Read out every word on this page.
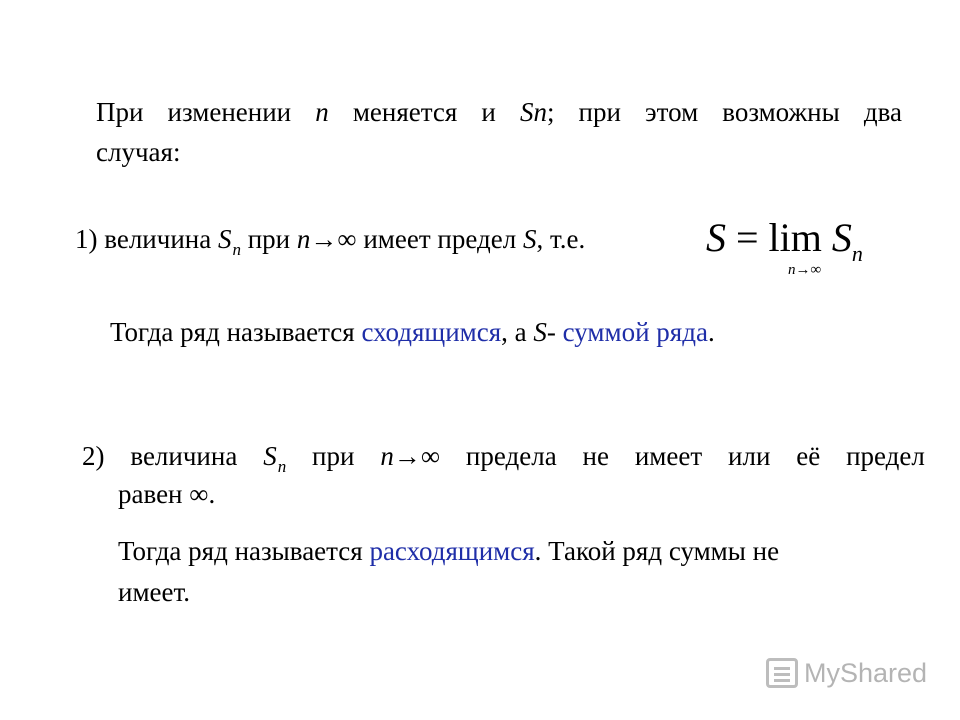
При изменении n меняется и Sn; при этом возможны два
случая:
1) величина $S_n$ при n→∞ имеет предел S, т.е.	$S = \lim S_n$
n→∞
Тогда ряд называется сходящимся, а S- суммой ряда.
2) величина $S_n$ при n→∞ предела не имеет или её предел
равен ∞.
Тогда ряд называется расходящимся. Такой ряд суммы не
имеет.
MyShared
